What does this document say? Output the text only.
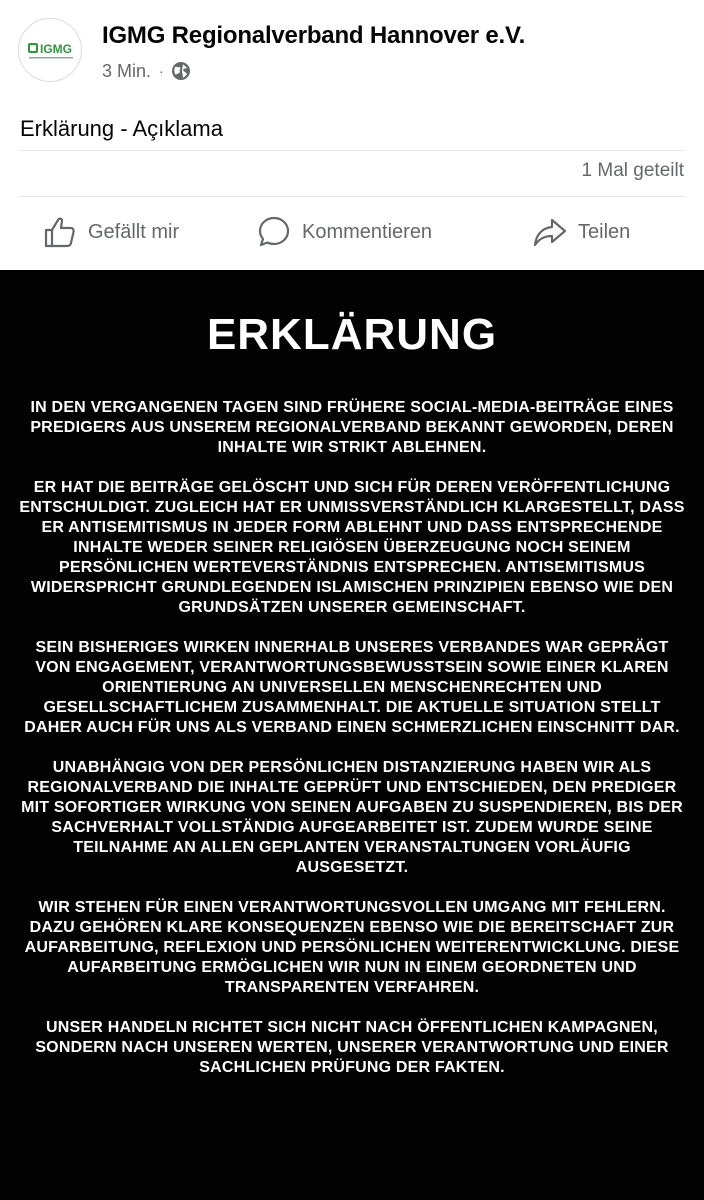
IGMG IGMG Regionalverband Hannover e.V.
3 Min. ·
Erklärung - Açıklama
1 Mal geteilt
Gefällt mir	Kommentieren	Teilen
ERKLÄRUNG

IN DEN VERGANGENEN TAGEN SIND FRÜHERE SOCIAL-MEDIA-BEITRÄGE EINES PREDIGERS AUS UNSEREM REGIONALVERBAND BEKANNT GEWORDEN, DEREN INHALTE WIR STRIKT ABLEHNEN.

ER HAT DIE BEITRÄGE GELÖSCHT UND SICH FÜR DEREN VERÖFFENTLICHUNG ENTSCHULDIGT. ZUGLEICH HAT ER UNMISSVERSTÄNDLICH KLARGESTELLT, DASS ER ANTISEMITISMUS IN JEDER FORM ABLEHNT UND DASS ENTSPRECHENDE INHALTE WEDER SEINER RELIGIÖSEN ÜBERZEUGUNG NOCH SEINEM PERSÖNLICHEN WERTEVERSTÄNDNIS ENTSPRECHEN. ANTISEMITISMUS WIDERSPRICHT GRUNDLEGENDEN ISLAMISCHEN PRINZIPIEN EBENSO WIE DEN GRUNDSÄTZEN UNSERER GEMEINSCHAFT.

SEIN BISHERIGES WIRKEN INNERHALB UNSERES VERBANDES WAR GEPRÄGT VON ENGAGEMENT, VERANTWORTUNGSBEWUSSTSEIN SOWIE EINER KLAREN ORIENTIERUNG AN UNIVERSELLEN MENSCHENRECHTEN UND GESELLSCHAFTLICHEM ZUSAMMENHALT. DIE AKTUELLE SITUATION STELLT DAHER AUCH FÜR UNS ALS VERBAND EINEN SCHMERZLICHEN EINSCHNITT DAR.

UNABHÄNGIG VON DER PERSÖNLICHEN DISTANZIERUNG HABEN WIR ALS REGIONALVERBAND DIE INHALTE GEPRÜFT UND ENTSCHIEDEN, DEN PREDIGER MIT SOFORTIGER WIRKUNG VON SEINEN AUFGABEN ZU SUSPENDIEREN, BIS DER SACHVERHALT VOLLSTÄNDIG AUFGEARBEITET IST. ZUDEM WURDE SEINE TEILNAHME AN ALLEN GEPLANTEN VERANSTALTUNGEN VORLÄUFIG AUSGESETZT.

WIR STEHEN FÜR EINEN VERANTWORTUNGSVOLLEN UMGANG MIT FEHLERN. DAZU GEHÖREN KLARE KONSEQUENZEN EBENSO WIE DIE BEREITSCHAFT ZUR AUFARBEITUNG, REFLEXION UND PERSÖNLICHEN WEITERENTWICKLUNG. DIESE AUFARBEITUNG ERMÖGLICHEN WIR NUN IN EINEM GEORDNETEN UND TRANSPARENTEN VERFAHREN.

UNSER HANDELN RICHTET SICH NICHT NACH ÖFFENTLICHEN KAMPAGNEN, SONDERN NACH UNSEREN WERTEN, UNSERER VERANTWORTUNG UND EINER SACHLICHEN PRÜFUNG DER FAKTEN.
